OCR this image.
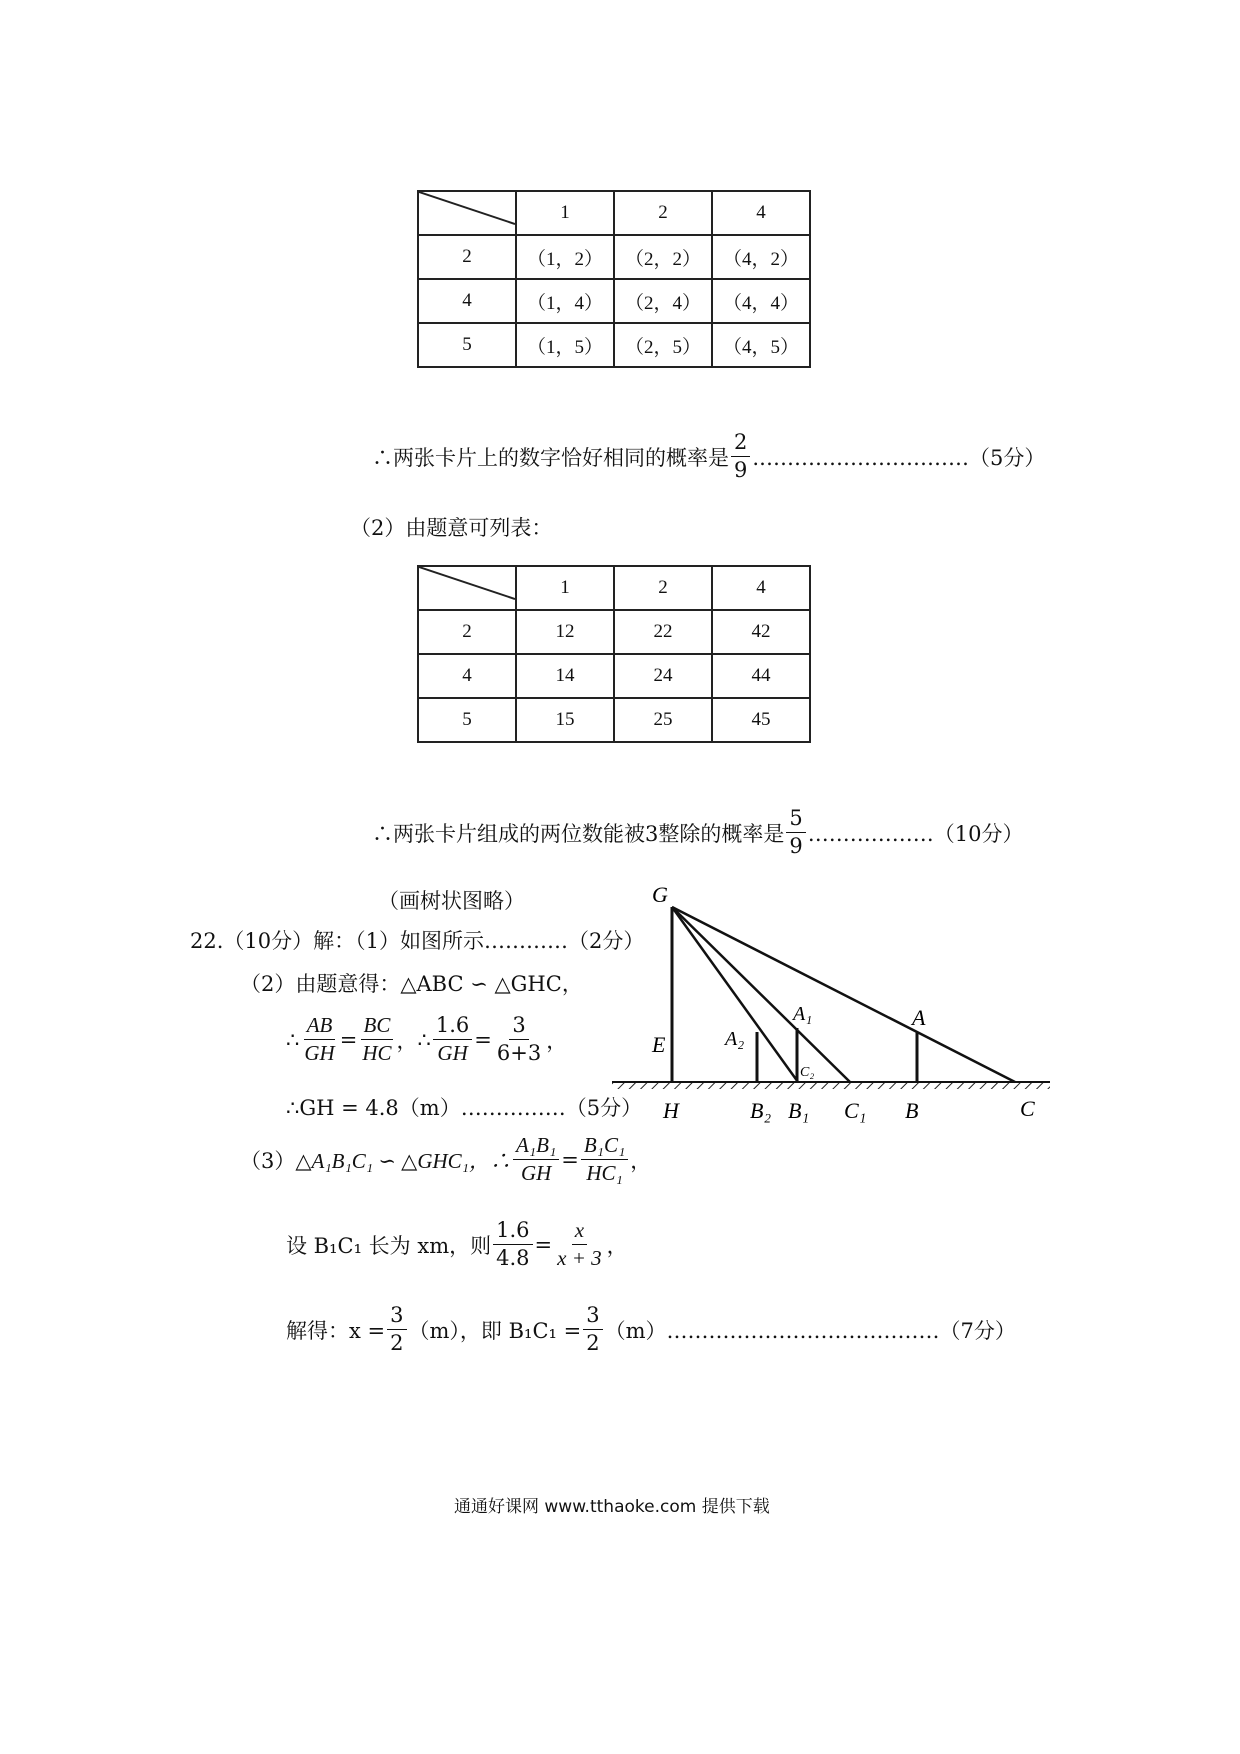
	1	2	4
2	（1，2）	（2，2）	（4，2）
4	（1，4）	（2，4）	（4，4）
5	（1，5）	（2，5）	（4，5）
∴两张卡片上的数字恰好相同的概率是 $\frac{2}{9}$ .…………………………（5分）
（2）由题意可列表：
	1	2	4
2	12	22	42
4	14	24	44
5	15	25	45
∴两张卡片组成的两位数能被3整除的概率是 $\frac{5}{9}$ ………………（10分）
（画树状图略）
22.（10分）解：（1）如图所示…………（2分）
（2）由题意得：△ABC ∽ △GHC，
∴ $\frac{AB}{GH} = \frac{BC}{HC}$ ， ∴ $\frac{1.6}{GH} = \frac{3}{6+3}$ ，
∴GH = 4.8（m）……………（5分）
（3） △A₁B₁C₁ ∽ △GHC₁，∴ $\frac{\text{A₁B₁}}{GH} = \frac{\text{B₁C₁}}{\text{HC₁}}$ ，
设 B₁C₁ 长为 xm，则 $\frac{1.6}{4.8} = \frac{x}{x + 3}$ ，
解得：$x = \frac{3}{2} (m)$，即 $B_1C_1 = \frac{3}{2}$ （m）…………………………………（7分）
G
E	A₂
A₁
C₂
A
H	B₂ B₁ C₁ B	C
通通好课网 www.tthaoke.com 提供下载
